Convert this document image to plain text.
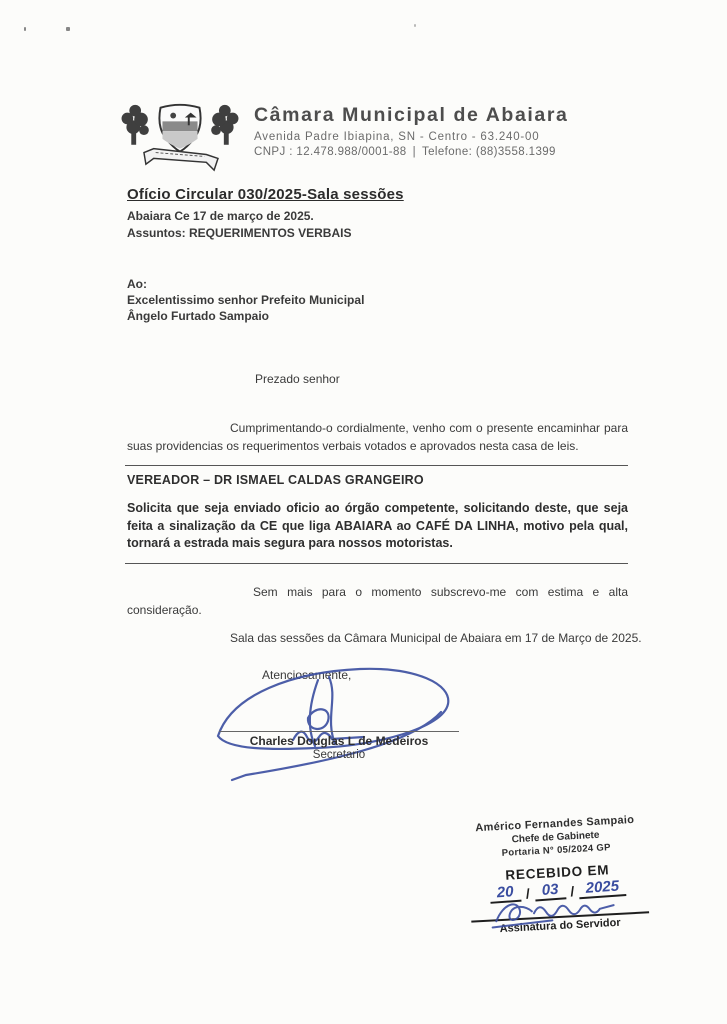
Câmara Municipal de Abaiara
Avenida Padre Ibiapina, SN - Centro - 63.240-00
CNPJ : 12.478.988/0001-88 | Telefone: (88)3558.1399
Ofício Circular 030/2025-Sala sessões
Abaiara Ce 17 de março de 2025.
Assuntos: REQUERIMENTOS VERBAIS
Ao:
Excelentissimo senhor Prefeito Municipal
Ângelo Furtado Sampaio
Prezado senhor
Cumprimentando-o cordialmente, venho com o presente encaminhar para suas providencias os requerimentos verbais votados e aprovados nesta casa de leis.
VEREADOR – DR ISMAEL CALDAS GRANGEIRO
Solicita que seja enviado oficio ao órgão competente, solicitando deste, que seja feita a sinalização da CE que liga ABAIARA ao CAFÉ DA LINHA, motivo pela qual, tornará a estrada mais segura para nossos motoristas.
Sem mais para o momento subscrevo-me com estima e alta consideração.
Sala das sessões da Câmara Municipal de Abaiara em 17 de Março de 2025.
Atenciosamente,
Charles Douglas L de Medeiros
Secretario
Américo Fernandes Sampaio
Chefe de Gabinete
Portaria N° 05/2024 GP
RECEBIDO EM
20 / 03 / 2025
Assinatura do Servidor
